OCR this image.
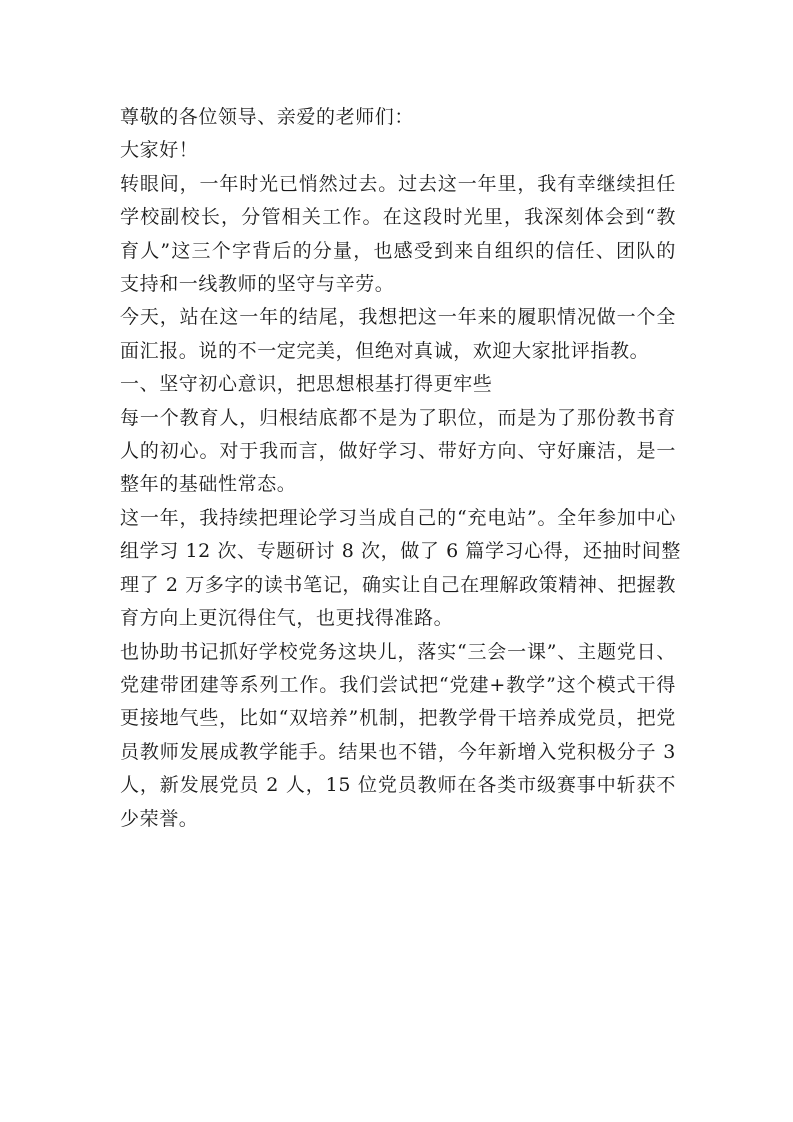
尊敬的各位领导、亲爱的老师们：
大家好！
转眼间，一年时光已悄然过去。过去这一年里，我有幸继续担任
学校副校长，分管相关工作。在这段时光里，我深刻体会到“教
育人”这三个字背后的分量，也感受到来自组织的信任、团队的
支持和一线教师的坚守与辛劳。
今天，站在这一年的结尾，我想把这一年来的履职情况做一个全
面汇报。说的不一定完美，但绝对真诚，欢迎大家批评指教。
一、坚守初心意识，把思想根基打得更牢些
每一个教育人，归根结底都不是为了职位，而是为了那份教书育
人的初心。对于我而言，做好学习、带好方向、守好廉洁，是一
整年的基础性常态。
这一年，我持续把理论学习当成自己的“充电站”。全年参加中心
组学习 12 次、专题研讨 8 次，做了 6 篇学习心得，还抽时间整
理了 2 万多字的读书笔记，确实让自己在理解政策精神、把握教
育方向上更沉得住气，也更找得准路。
也协助书记抓好学校党务这块儿，落实“三会一课”、主题党日、
党建带团建等系列工作。我们尝试把“党建+教学”这个模式干得
更接地气些，比如“双培养”机制，把教学骨干培养成党员，把党
员教师发展成教学能手。结果也不错，今年新增入党积极分子 3
人，新发展党员 2 人，15 位党员教师在各类市级赛事中斩获不
少荣誉。
